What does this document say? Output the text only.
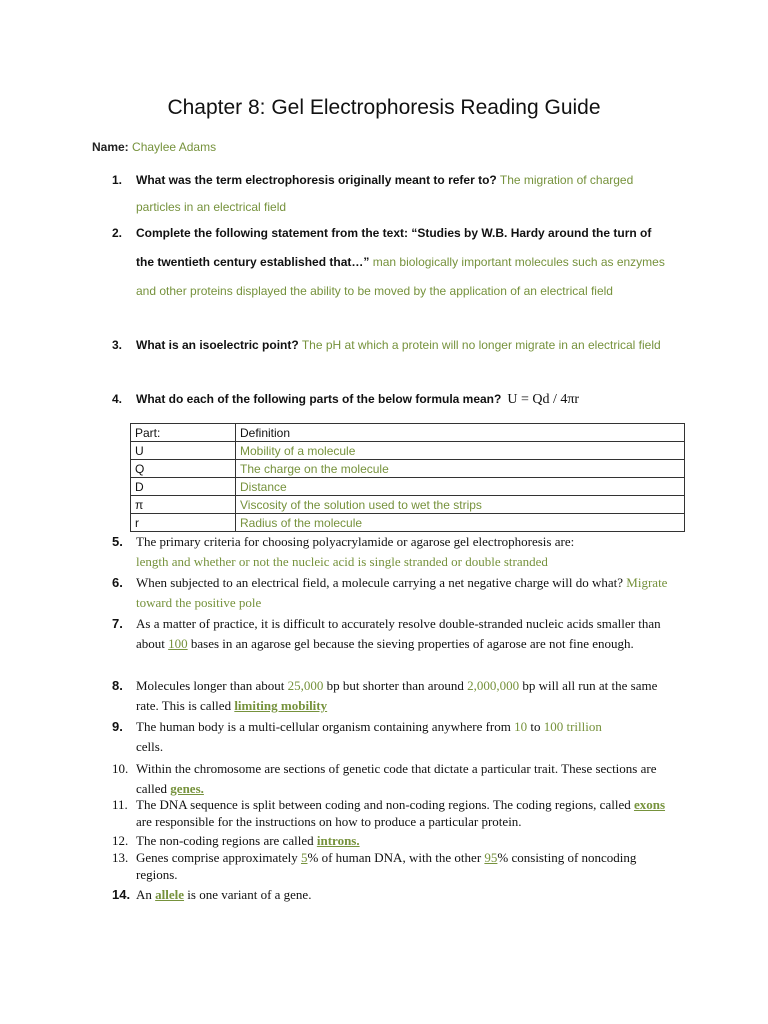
Chapter 8: Gel Electrophoresis Reading Guide
Name: Chaylee Adams
1.	What was the term electrophoresis originally meant to refer to? The migration of charged particles in an electrical field
2.	Complete the following statement from the text: “Studies by W.B. Hardy around the turn of the twentieth century established that…” man biologically important molecules such as enzymes and other proteins displayed the ability to be moved by the application of an electrical field
3.	What is an isoelectric point? The pH at which a protein will no longer migrate in an electrical field
4.	What do each of the following parts of the below formula mean? U = Qd / 4πr
Part:	Definition
U	Mobility of a molecule
Q	The charge on the molecule
D	Distance
π	Viscosity of the solution used to wet the strips
r	Radius of the molecule
5.	The primary criteria for choosing polyacrylamide or agarose gel electrophoresis are:
length and whether or not the nucleic acid is single stranded or double stranded
6.	When subjected to an electrical field, a molecule carrying a net negative charge will do what? Migrate toward the positive pole
7.	As a matter of practice, it is difficult to accurately resolve double-stranded nucleic acids smaller than about 100 bases in an agarose gel because the sieving properties of agarose are not fine enough.
8.	Molecules longer than about 25,000 bp but shorter than around 2,000,000 bp will all run at the same rate. This is called limiting mobility
9.	The human body is a multi-cellular organism containing anywhere from 10 to 100 trillion
cells.
10. Within the chromosome are sections of genetic code that dictate a particular trait. These sections are called genes.
11. The DNA sequence is split between coding and non-coding regions. The coding regions, called exons are responsible for the instructions on how to produce a particular protein.
12. The non-coding regions are called introns.
13. Genes comprise approximately 5% of human DNA, with the other 95% consisting of noncoding regions.
14. An allele is one variant of a gene.
